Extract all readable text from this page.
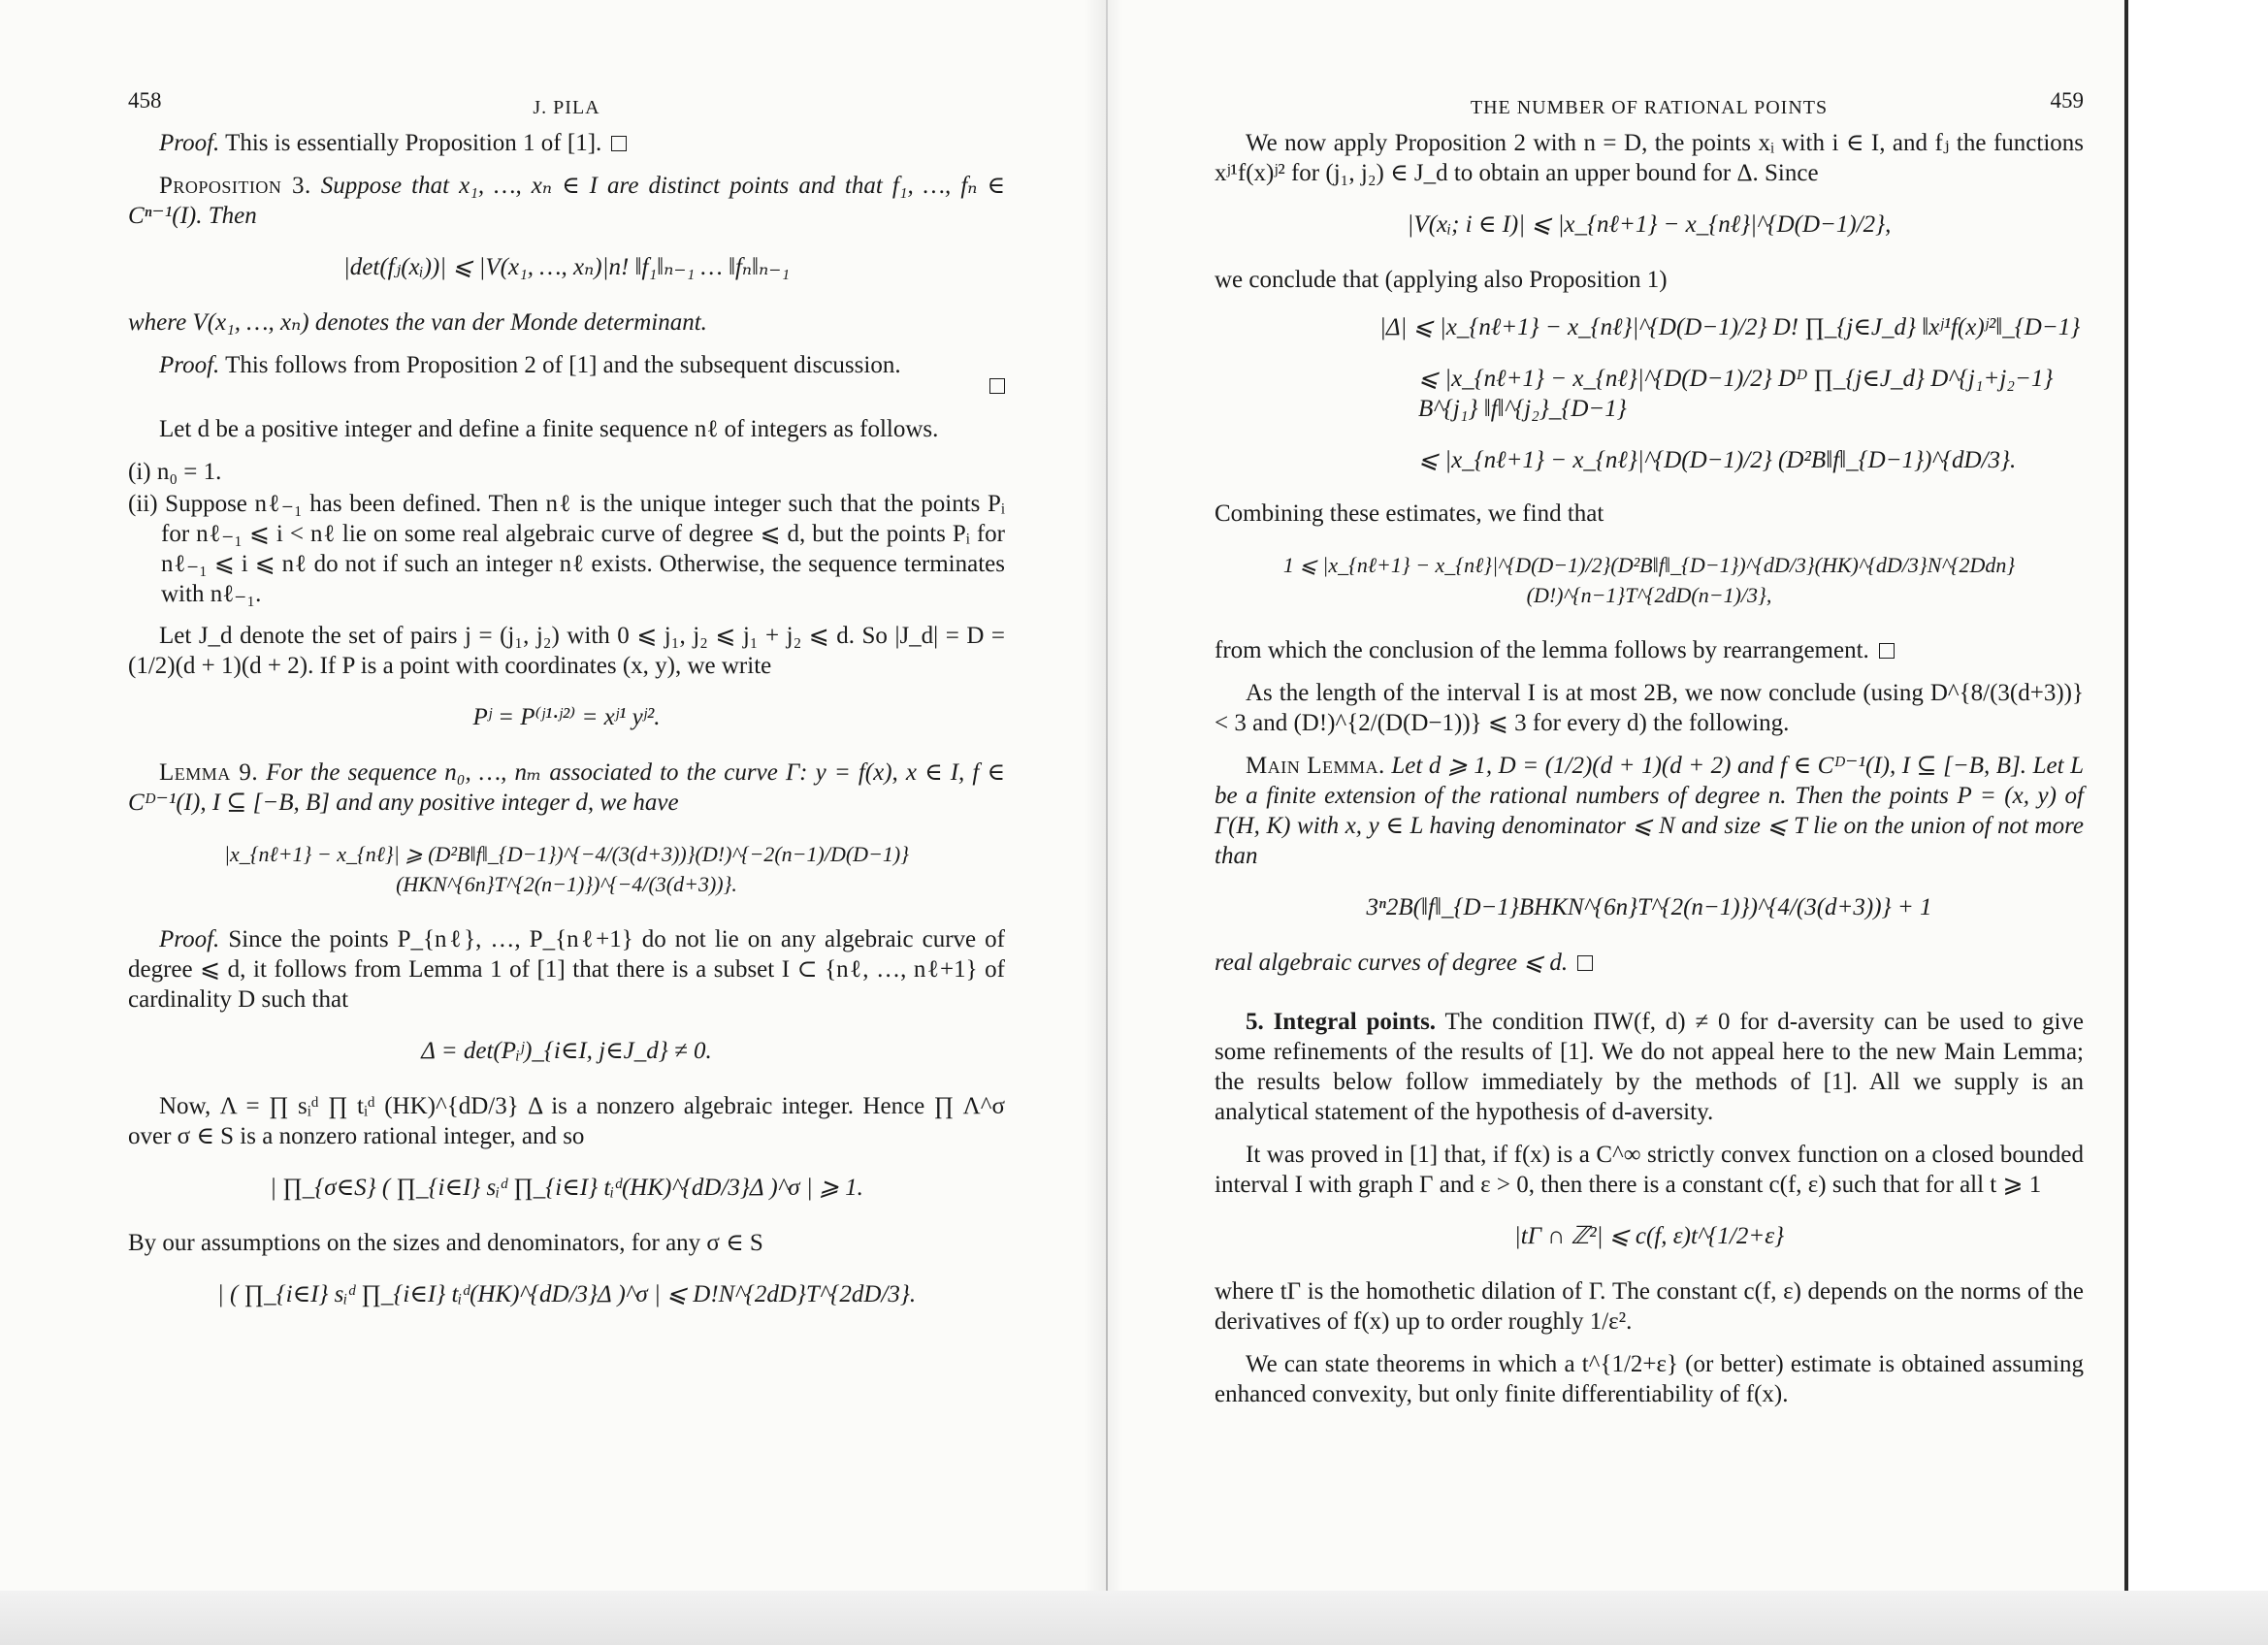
458	J. PILA

Proof. This is essentially Proposition 1 of [1].

Proposition 3. Suppose that x₁, …, xₙ ∈ I are distinct points and that f₁, …, fₙ ∈ Cⁿ⁻¹(I). Then

|det(fⱼ(xᵢ))| ⩽ |V(x₁, …, xₙ)|n! ‖f₁‖ₙ₋₁ … ‖fₙ‖ₙ₋₁

where V(x₁, …, xₙ) denotes the van der Monde determinant.

Proof. This follows from Proposition 2 of [1] and the subsequent discussion.

Let d be a positive integer and define a finite sequence nℓ of integers as follows.

(i) n₀ = 1.
(ii) Suppose nℓ₋₁ has been defined. Then nℓ is the unique integer such that the points Pᵢ for nℓ₋₁ ⩽ i < nℓ lie on some real algebraic curve of degree ⩽ d, but the points Pᵢ for nℓ₋₁ ⩽ i ⩽ nℓ do not if such an integer nℓ exists. Otherwise, the sequence terminates with nℓ₋₁.

Let J_d denote the set of pairs j = (j₁, j₂) with 0 ⩽ j₁, j₂ ⩽ j₁ + j₂ ⩽ d. So |J_d| = D = (1/2)(d + 1)(d + 2). If P is a point with coordinates (x, y), we write

Pʲ = P⁽ʲ¹·ʲ²⁾ = xʲ¹ yʲ².

Lemma 9. For the sequence n₀, …, nₘ associated to the curve Γ: y = f(x), x ∈ I, f ∈ Cᴰ⁻¹(I), I ⊆ [−B, B] and any positive integer d, we have

|x_{nℓ+1} − x_{nℓ}| ⩾ (D²B‖f‖_{D−1})^{−4/(3(d+3))}(D!)^{−2(n−1)/D(D−1)}(HKN^{6n}T^{2(n−1)})^{−4/(3(d+3))}.

Proof. Since the points P_{nℓ}, …, P_{nℓ+1} do not lie on any algebraic curve of degree ⩽ d, it follows from Lemma 1 of [1] that there is a subset I ⊂ {nℓ, …, nℓ+1} of cardinality D such that

Δ = det(Pᵢʲ)_{i∈I, j∈J_d} ≠ 0.

Now, Λ = ∏ sᵢᵈ ∏ tᵢᵈ (HK)^{dD/3} Δ is a nonzero algebraic integer. Hence ∏ Λ^σ over σ ∈ S is a nonzero rational integer, and so

| ∏_{σ∈S} ( ∏_{i∈I} sᵢᵈ ∏_{i∈I} tᵢᵈ(HK)^{dD/3}Δ )^σ | ⩾ 1.

By our assumptions on the sizes and denominators, for any σ ∈ S

| ( ∏_{i∈I} sᵢᵈ ∏_{i∈I} tᵢᵈ(HK)^{dD/3}Δ )^σ | ⩽ D!N^{2dD}T^{2dD/3}.
THE NUMBER OF RATIONAL POINTS	459

We now apply Proposition 2 with n = D, the points xᵢ with i ∈ I, and fⱼ the functions xʲ¹f(x)ʲ² for (j₁, j₂) ∈ J_d to obtain an upper bound for Δ. Since

|V(xᵢ; i ∈ I)| ⩽ |x_{nℓ+1} − x_{nℓ}|^{D(D−1)/2},

we conclude that (applying also Proposition 1)

|Δ| ⩽ |x_{nℓ+1} − x_{nℓ}|^{D(D−1)/2} D! ∏_{j∈J_d} ‖xʲ¹f(x)ʲ²‖_{D−1}
⩽ |x_{nℓ+1} − x_{nℓ}|^{D(D−1)/2} Dᴰ ∏_{j∈J_d} D^{j₁+j₂−1} B^{j₁} ‖f‖^{j₂}_{D−1}
⩽ |x_{nℓ+1} − x_{nℓ}|^{D(D−1)/2} (D²B‖f‖_{D−1})^{dD/3}.

Combining these estimates, we find that

1 ⩽ |x_{nℓ+1} − x_{nℓ}|^{D(D−1)/2}(D²B‖f‖_{D−1})^{dD/3}(HK)^{dD/3}N^{2Ddn}(D!)^{n−1}T^{2dD(n−1)/3},

from which the conclusion of the lemma follows by rearrangement.

As the length of the interval I is at most 2B, we now conclude (using D^{8/(3(d+3))} < 3 and (D!)^{2/(D(D−1))} ⩽ 3 for every d) the following.

Main Lemma. Let d ⩾ 1, D = (1/2)(d + 1)(d + 2) and f ∈ Cᴰ⁻¹(I), I ⊆ [−B, B]. Let L be a finite extension of the rational numbers of degree n. Then the points P = (x, y) of Γ(H, K) with x, y ∈ L having denominator ⩽ N and size ⩽ T lie on the union of not more than

3ⁿ2B(‖f‖_{D−1}BHKN^{6n}T^{2(n−1)})^{4/(3(d+3))} + 1

real algebraic curves of degree ⩽ d.

5. Integral points. The condition ΠW(f, d) ≠ 0 for d-aversity can be used to give some refinements of the results of [1]. We do not appeal here to the new Main Lemma; the results below follow immediately by the methods of [1]. All we supply is an analytical statement of the hypothesis of d-aversity.

It was proved in [1] that, if f(x) is a C^∞ strictly convex function on a closed bounded interval I with graph Γ and ε > 0, then there is a constant c(f, ε) such that for all t ⩾ 1

|tΓ ∩ ℤ²| ⩽ c(f, ε)t^{1/2+ε}

where tΓ is the homothetic dilation of Γ. The constant c(f, ε) depends on the norms of the derivatives of f(x) up to order roughly 1/ε².

We can state theorems in which a t^{1/2+ε} (or better) estimate is obtained assuming enhanced convexity, but only finite differentiability of f(x).
